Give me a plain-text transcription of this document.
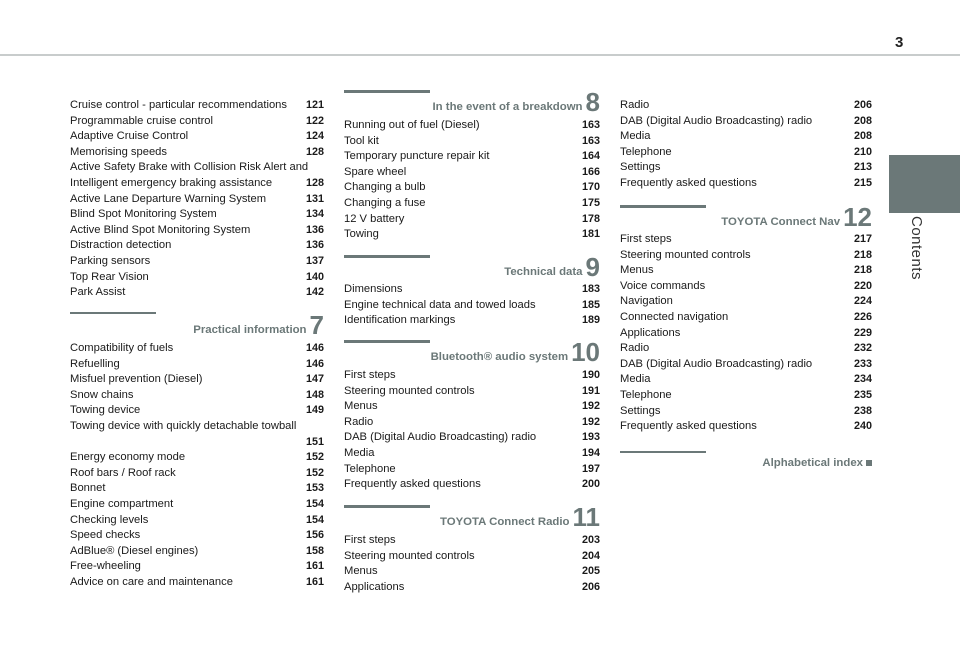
3
Contents
Cruise control - particular recommendations	121
Programmable cruise control	122
Adaptive Cruise Control	124
Memorising speeds	128
Active Safety Brake with Collision Risk Alert and
Intelligent emergency braking assistance	128
Active Lane Departure Warning System	131
Blind Spot Monitoring System	134
Active Blind Spot Monitoring System	136
Distraction detection	136
Parking sensors	137
Top Rear Vision	140
Park Assist	142
Practical information 7
Compatibility of fuels	146
Refuelling	146
Misfuel prevention (Diesel)	147
Snow chains	148
Towing device	149
Towing device with quickly detachable towball
151
Energy economy mode	152
Roof bars / Roof rack	152
Bonnet	153
Engine compartment	154
Checking levels	154
Speed checks	156
AdBlue® (Diesel engines)	158
Free-wheeling	161
Advice on care and maintenance	161
In the event of a breakdown 8
Running out of fuel (Diesel)	163
Tool kit	163
Temporary puncture repair kit	164
Spare wheel	166
Changing a bulb	170
Changing a fuse	175
12 V battery	178
Towing	181
Technical data 9
Dimensions	183
Engine technical data and towed loads	185
Identification markings	189
Bluetooth® audio system 10
First steps	190
Steering mounted controls	191
Menus	192
Radio	192
DAB (Digital Audio Broadcasting) radio	193
Media	194
Telephone	197
Frequently asked questions	200
TOYOTA Connect Radio 11
First steps	203
Steering mounted controls	204
Menus	205
Applications	206
Radio	206
DAB (Digital Audio Broadcasting) radio	208
Media	208
Telephone	210
Settings	213
Frequently asked questions	215
TOYOTA Connect Nav 12
First steps	217
Steering mounted controls	218
Menus	218
Voice commands	220
Navigation	224
Connected navigation	226
Applications	229
Radio	232
DAB (Digital Audio Broadcasting) radio	233
Media	234
Telephone	235
Settings	238
Frequently asked questions	240
Alphabetical index
